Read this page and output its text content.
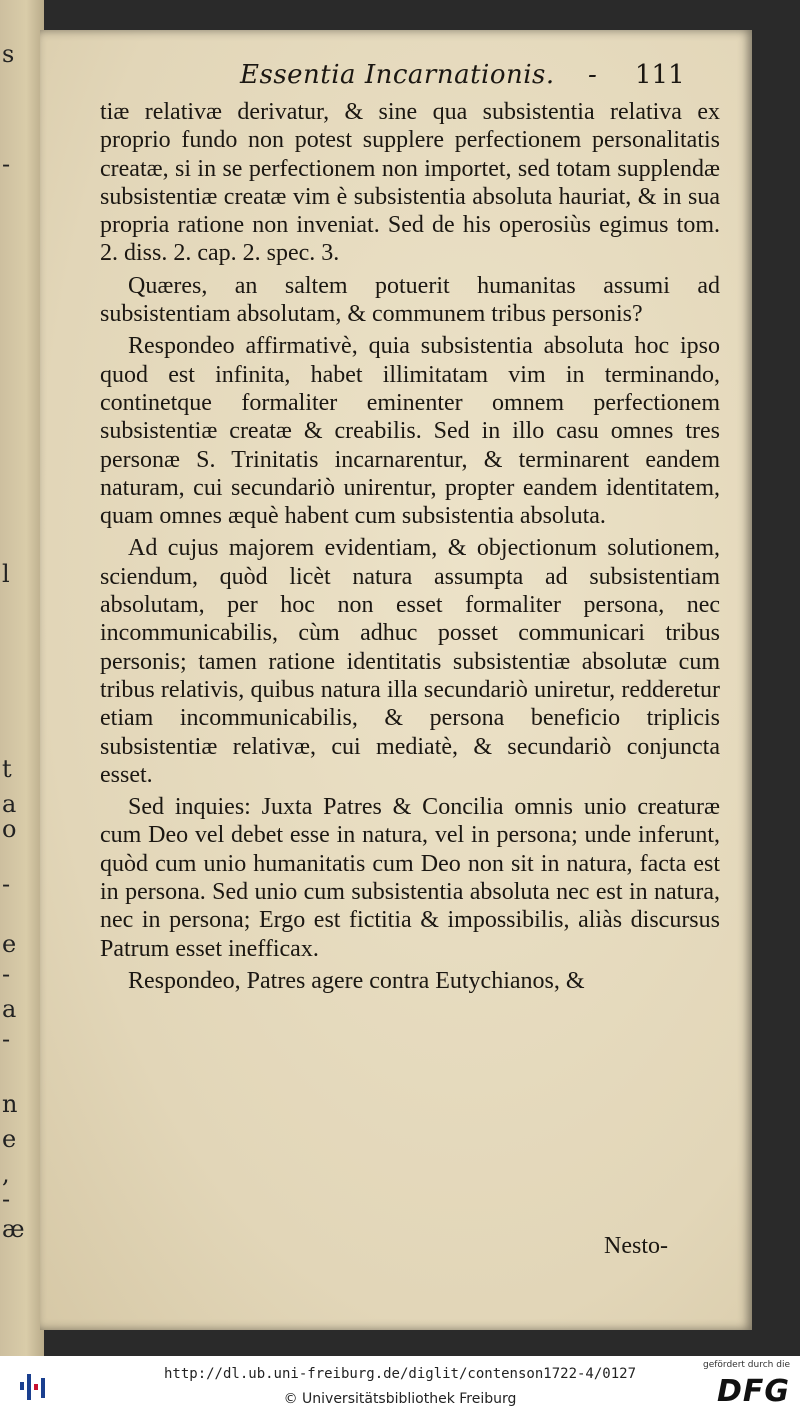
s
-
l
t
a
o
-
e
-
a
-
n
e
,
-
æ
Essentia Incarnationis. - 111

tiæ relativæ derivatur, & sine qua subsistentia relativa ex proprio fundo non potest supplere perfectionem personalitatis creatæ, si in se perfectionem non importet, sed totam supplendæ subsistentiæ creatæ vim è subsistentia absoluta hauriat, & in sua propria ratione non inveniat. Sed de his operosiùs egimus tom. 2. diss. 2. cap. 2. spec. 3.

Quæres, an saltem potuerit humanitas assumi ad subsistentiam absolutam, & communem tribus personis?

Respondeo affirmativè, quia subsistentia absoluta hoc ipso quod est infinita, habet illimitatam vim in terminando, continetque formaliter eminenter omnem perfectionem subsistentiæ creatæ & creabilis. Sed in illo casu omnes tres personæ S. Trinitatis incarnarentur, & terminarent eandem naturam, cui secundariò unirentur, propter eandem identitatem, quam omnes æquè habent cum subsistentia absoluta.

Ad cujus majorem evidentiam, & objectionum solutionem, sciendum, quòd licèt natura assumpta ad subsistentiam absolutam, per hoc non esset formaliter persona, nec incommunicabilis, cùm adhuc posset communicari tribus personis; tamen ratione identitatis subsistentiæ absolutæ cum tribus relativis, quibus natura illa secundariò uniretur, redderetur etiam incommunicabilis, & persona beneficio triplicis subsistentiæ relativæ, cui mediatè, & secundariò conjuncta esset.

Sed inquies: Juxta Patres & Concilia omnis unio creaturæ cum Deo vel debet esse in natura, vel in persona; unde inferunt, quòd cum unio humanitatis cum Deo non sit in natura, facta est in persona. Sed unio cum subsistentia absoluta nec est in natura, nec in persona; Ergo est fictitia & impossibilis, aliàs discursus Patrum esset inefficax.

Respondeo, Patres agere contra Eutychianos, &

Nesto-
http://dl.ub.uni-freiburg.de/diglit/contenson1722-4/0127
© Universitätsbibliothek Freiburg
gefördert durch die
DFG
